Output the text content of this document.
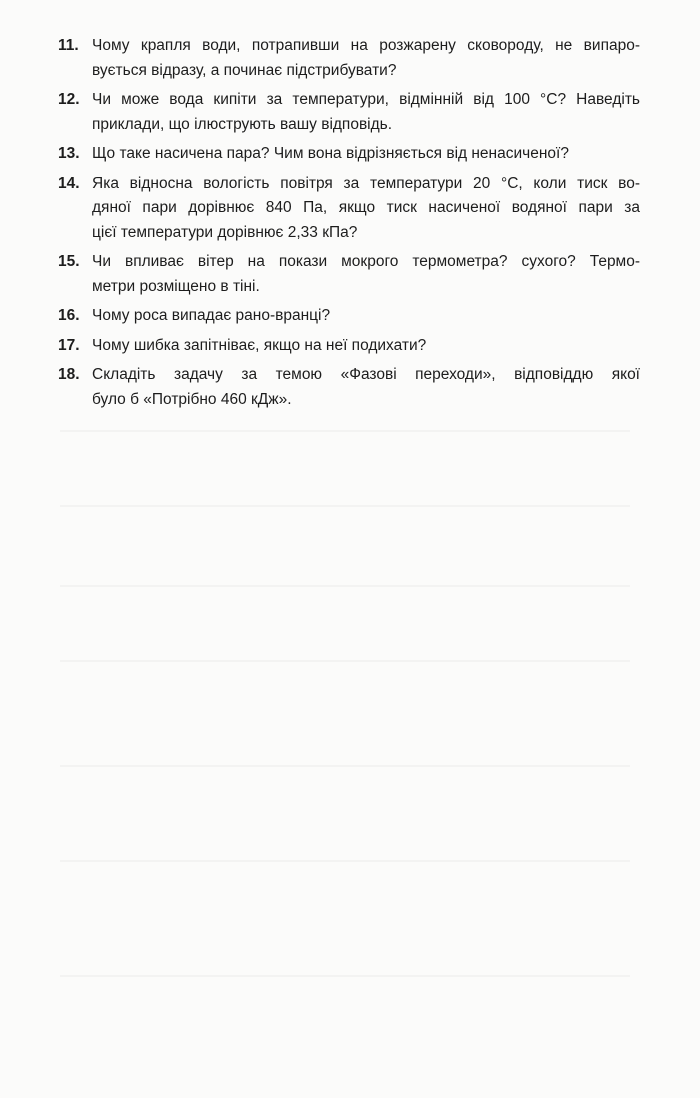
11. Чому крапля води, потрапивши на розжарену сковороду, не випаро-
вується відразу, а починає підстрибувати?
12. Чи може вода кипіти за температури, відмінній від 100 °С? Наведіть
приклади, що ілюструють вашу відповідь.
13. Що таке насичена пара? Чим вона відрізняється від ненасиченої?
14. Яка відносна вологість повітря за температури 20 °С, коли тиск во-
дяної пари дорівнює 840 Па, якщо тиск насиченої водяної пари за
цієї температури дорівнює 2,33 кПа?
15. Чи впливає вітер на покази мокрого термометра? сухого? Термо-
метри розміщено в тіні.
16. Чому роса випадає рано-вранці?
17. Чому шибка запітніває, якщо на неї подихати?
18. Складіть задачу за темою «Фазові переходи», відповіддю якої
було б «Потрібно 460 кДж».
